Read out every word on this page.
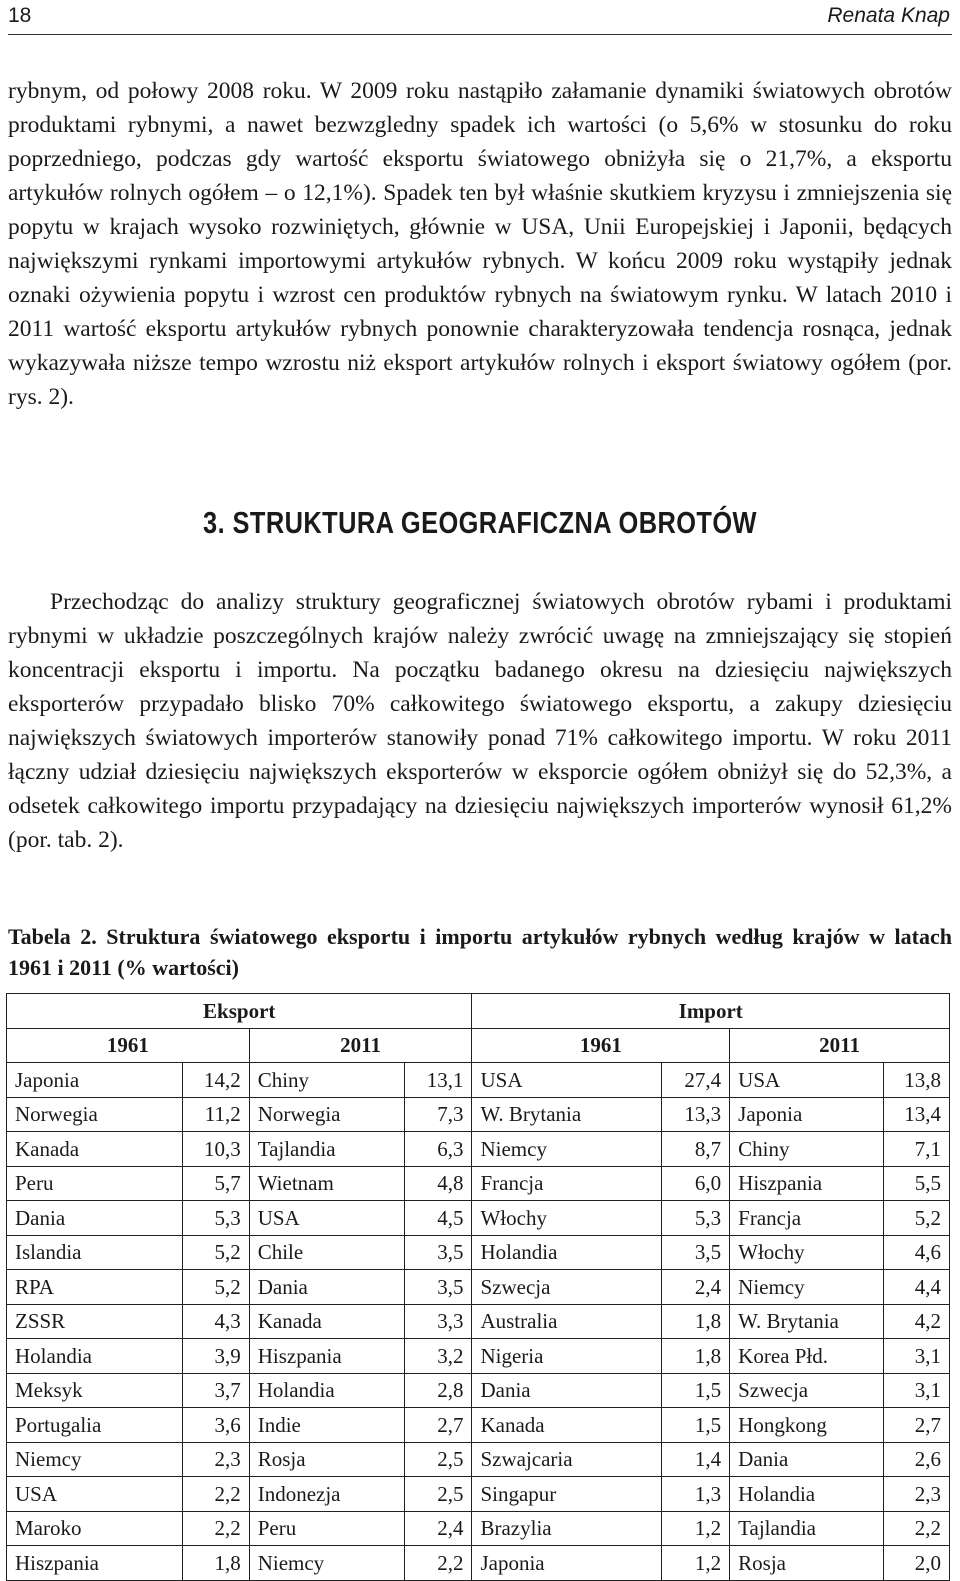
18	Renata Knap

rybnym, od połowy 2008 roku. W 2009 roku nastąpiło załamanie dynamiki światowych obrotów produktami rybnymi, a nawet bezwzgledny spadek ich wartości (o 5,6% w stosunku do roku poprzedniego, podczas gdy wartość eksportu światowego obniżyła się o 21,7%, a eksportu artykułów rolnych ogółem – o 12,1%). Spadek ten był właśnie skutkiem kryzysu i zmniejszenia się popytu w krajach wysoko rozwiniętych, głównie w USA, Unii Europejskiej i Japonii, będących największymi rynkami importowymi artykułów rybnych. W końcu 2009 roku wystąpiły jednak oznaki ożywienia popytu i wzrost cen produktów rybnych na światowym rynku. W latach 2010 i 2011 wartość eksportu artykułów rybnych ponownie charakteryzowała tendencja rosnąca, jednak wykazywała niższe tempo wzrostu niż eksport artykułów rolnych i eksport światowy ogółem (por. rys. 2).

3. STRUKTURA GEOGRAFICZNA OBROTÓW

Przechodząc do analizy struktury geograficznej światowych obrotów rybami i produktami rybnymi w układzie poszczególnych krajów należy zwrócić uwagę na zmniejszający się stopień koncentracji eksportu i importu. Na początku badanego okresu na dziesięciu największych eksporterów przypadało blisko 70% całkowitego światowego eksportu, a zakupy dziesięciu największych światowych importerów stanowiły ponad 71% całkowitego importu. W roku 2011 łączny udział dziesięciu największych eksporterów w eksporcie ogółem obniżył się do 52,3%, a odsetek całkowitego importu przypadający na dziesięciu największych importerów wynosił 61,2% (por. tab. 2).

Tabela 2. Struktura światowego eksportu i importu artykułów rybnych według krajów w latach 1961 i 2011 (% wartości)

Eksport				Import			
1961		2011		1961		2011	
Japonia	14,2	Chiny	13,1	USA	27,4	USA	13,8
Norwegia	11,2	Norwegia	7,3	W. Brytania	13,3	Japonia	13,4
Kanada	10,3	Tajlandia	6,3	Niemcy	8,7	Chiny	7,1
Peru	5,7	Wietnam	4,8	Francja	6,0	Hiszpania	5,5
Dania	5,3	USA	4,5	Włochy	5,3	Francja	5,2
Islandia	5,2	Chile	3,5	Holandia	3,5	Włochy	4,6
RPA	5,2	Dania	3,5	Szwecja	2,4	Niemcy	4,4
ZSSR	4,3	Kanada	3,3	Australia	1,8	W. Brytania	4,2
Holandia	3,9	Hiszpania	3,2	Nigeria	1,8	Korea Płd.	3,1
Meksyk	3,7	Holandia	2,8	Dania	1,5	Szwecja	3,1
Portugalia	3,6	Indie	2,7	Kanada	1,5	Hongkong	2,7
Niemcy	2,3	Rosja	2,5	Szwajcaria	1,4	Dania	2,6
USA	2,2	Indonezja	2,5	Singapur	1,3	Holandia	2,3
Maroko	2,2	Peru	2,4	Brazylia	1,2	Tajlandia	2,2
Hiszpania	1,8	Niemcy	2,2	Japonia	1,2	Rosja	2,0
